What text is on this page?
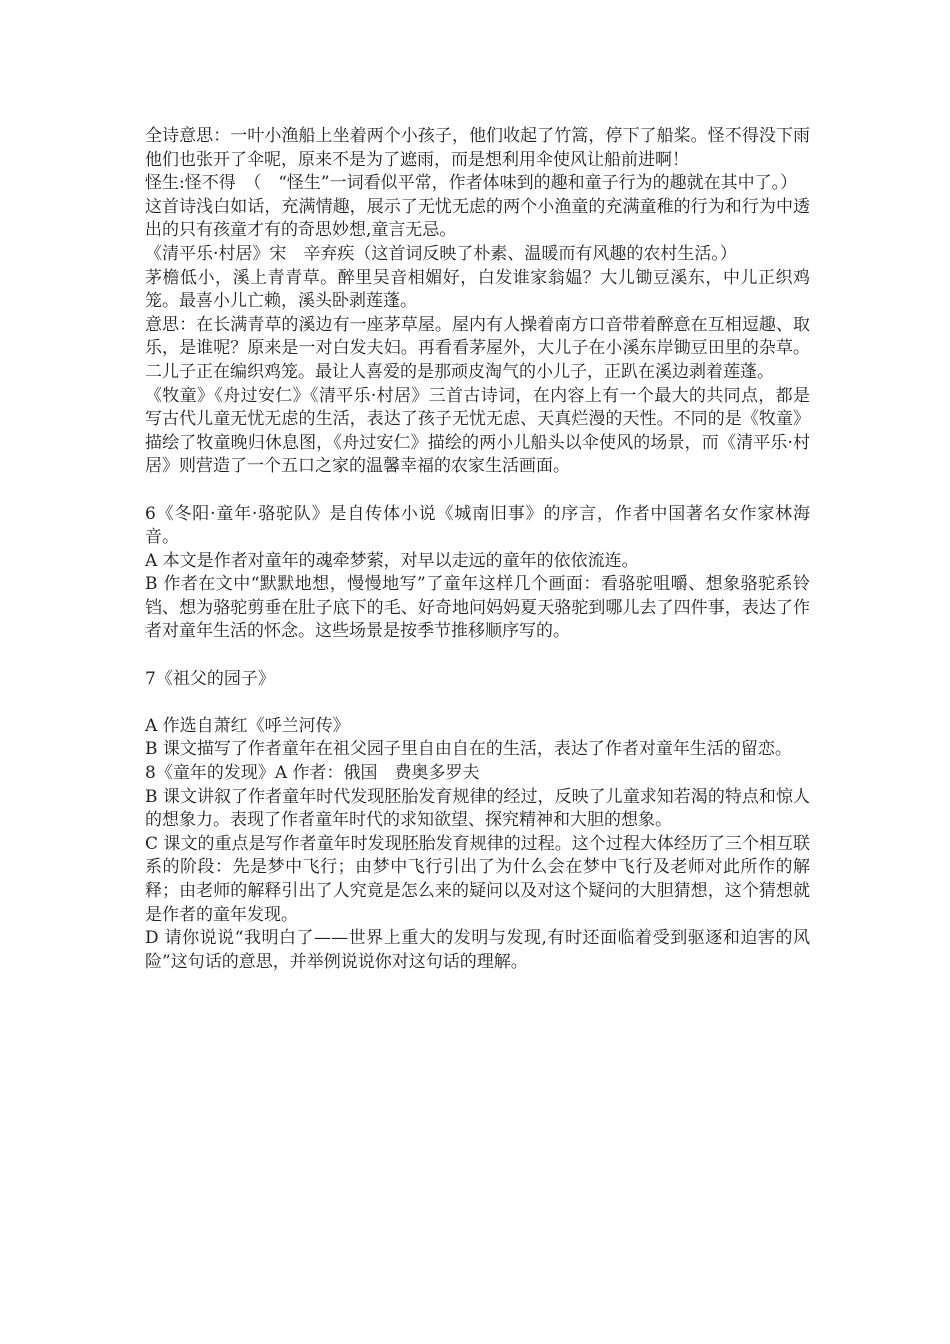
全诗意思：一叶小渔船上坐着两个小孩子，他们收起了竹篙，停下了船桨。怪不得没下雨他们也张开了伞呢，原来不是为了遮雨，而是想利用伞使风让船前进啊！

怪生:怪不得　（　“怪生”一词看似平常，作者体味到的趣和童子行为的趣就在其中了。）

这首诗浅白如话，充满情趣，展示了无忧无虑的两个小渔童的充满童稚的行为和行为中透出的只有孩童才有的奇思妙想,童言无忌。

《清平乐·村居》宋　辛弃疾（这首词反映了朴素、温暖而有风趣的农村生活。）

茅檐低小，溪上青青草。醉里吴音相媚好，白发谁家翁媪？大儿锄豆溪东，中儿正织鸡笼。最喜小儿亡赖，溪头卧剥莲蓬。

意思：在长满青草的溪边有一座茅草屋。屋内有人操着南方口音带着醉意在互相逗趣、取乐，是谁呢？原来是一对白发夫妇。再看看茅屋外，大儿子在小溪东岸锄豆田里的杂草。二儿子正在编织鸡笼。最让人喜爱的是那顽皮淘气的小儿子，正趴在溪边剥着莲蓬。

《牧童》《舟过安仁》《清平乐·村居》三首古诗词，在内容上有一个最大的共同点，都是写古代儿童无忧无虑的生活，表达了孩子无忧无虑、天真烂漫的天性。不同的是《牧童》描绘了牧童晚归休息图，《舟过安仁》描绘的两小儿船头以伞使风的场景，而《清平乐·村居》则营造了一个五口之家的温馨幸福的农家生活画面。

6《冬阳·童年·骆驼队》是自传体小说《城南旧事》的序言，作者中国著名女作家林海音。

A 本文是作者对童年的魂牵梦萦，对早以走远的童年的依依流连。

B 作者在文中“默默地想，慢慢地写”了童年这样几个画面：看骆驼咀嚼、想象骆驼系铃铛、想为骆驼剪垂在肚子底下的毛、好奇地问妈妈夏天骆驼到哪儿去了四件事，表达了作者对童年生活的怀念。这些场景是按季节推移顺序写的。

7《祖父的园子》

A 作选自萧红《呼兰河传》

B 课文描写了作者童年在祖父园子里自由自在的生活，表达了作者对童年生活的留恋。

8《童年的发现》A 作者：俄国　费奥多罗夫

B 课文讲叙了作者童年时代发现胚胎发育规律的经过，反映了儿童求知若渴的特点和惊人的想象力。表现了作者童年时代的求知欲望、探究精神和大胆的想象。

C 课文的重点是写作者童年时发现胚胎发育规律的过程。这个过程大体经历了三个相互联系的阶段：先是梦中飞行；由梦中飞行引出了为什么会在梦中飞行及老师对此所作的解释；由老师的解释引出了人究竟是怎么来的疑问以及对这个疑问的大胆猜想，这个猜想就是作者的童年发现。

D 请你说说“我明白了——世界上重大的发明与发现,有时还面临着受到驱逐和迫害的风险”这句话的意思，并举例说说你对这句话的理解。
